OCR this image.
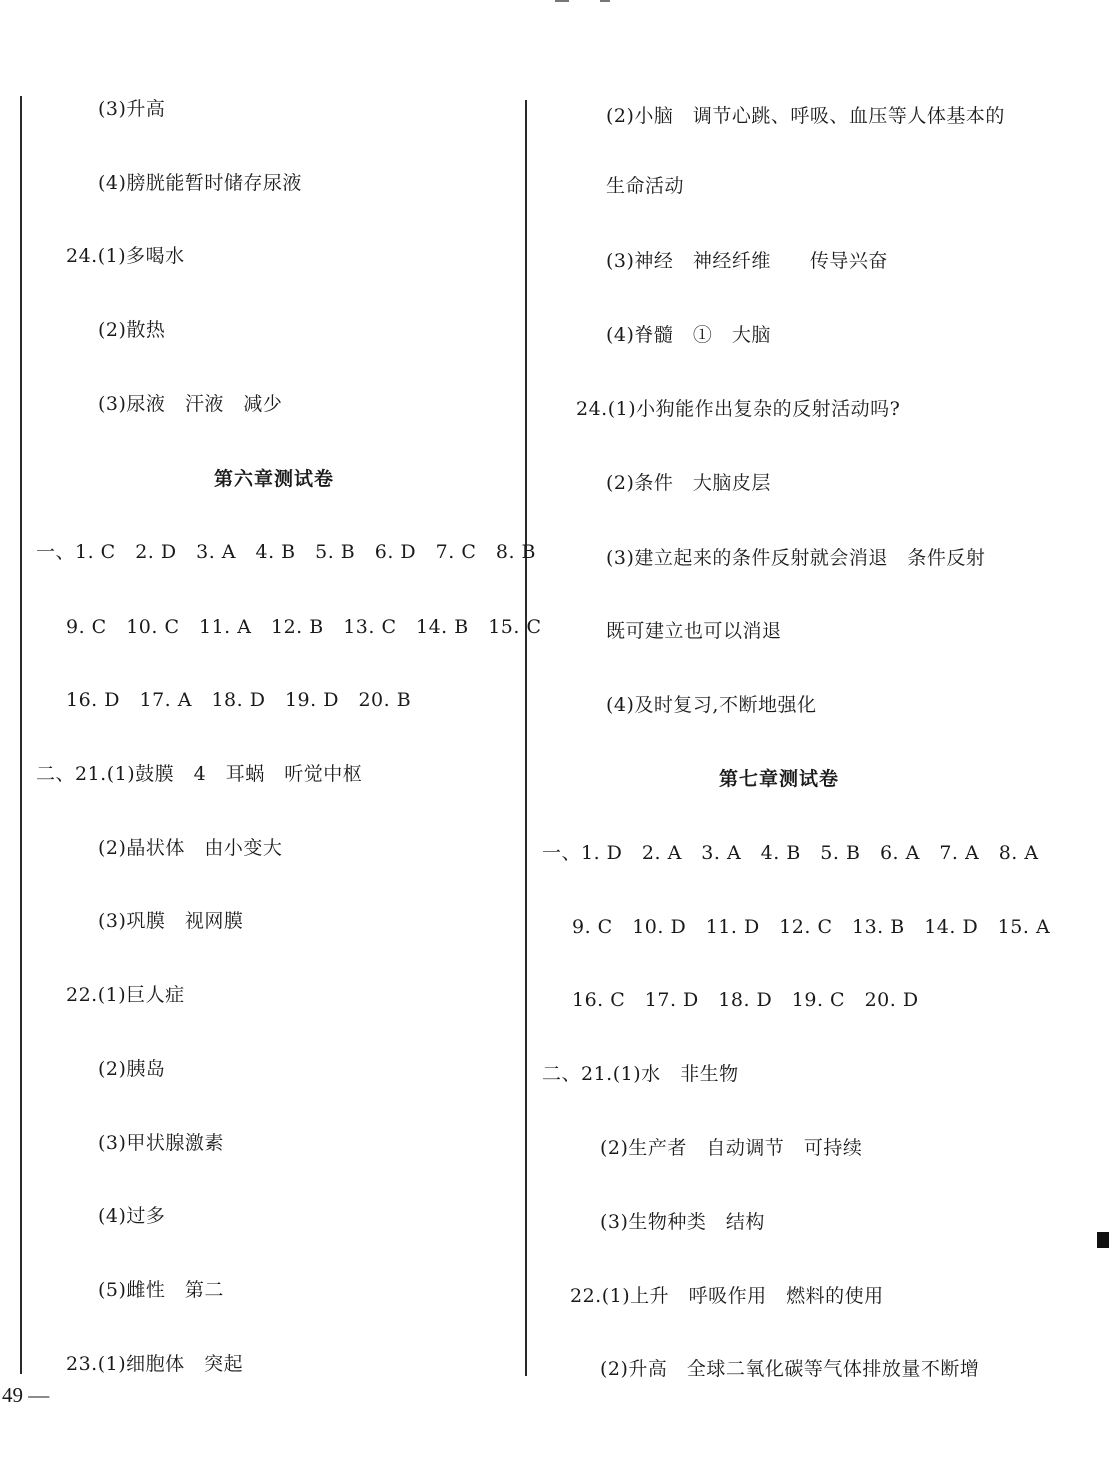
(3)升高
(4)膀胱能暂时储存尿液
24.(1)多喝水
(2)散热
(3)尿液　汗液　减少
第六章测试卷
一、1. C　2. D　3. A　4. B　5. B　6. D　7. C　8. B
9. C　10. C　11. A　12. B　13. C　14. B　15. C
16. D　17. A　18. D　19. D　20. B
二、21.(1)鼓膜　4　耳蜗　听觉中枢
(2)晶状体　由小变大
(3)巩膜　视网膜
22.(1)巨人症
(2)胰岛
(3)甲状腺激素
(4)过多
(5)雌性　第二
23.(1)细胞体　突起
(2)小脑　调节心跳、呼吸、血压等人体基本的
生命活动
(3)神经　神经纤维　　传导兴奋
(4)脊髓　①　大脑
24.(1)小狗能作出复杂的反射活动吗?
(2)条件　大脑皮层
(3)建立起来的条件反射就会消退　条件反射
既可建立也可以消退
(4)及时复习,不断地强化
第七章测试卷
一、1. D　2. A　3. A　4. B　5. B　6. A　7. A　8. A
9. C　10. D　11. D　12. C　13. B　14. D　15. A
16. C　17. D　18. D　19. C　20. D
二、21.(1)水　非生物
(2)生产者　自动调节　可持续
(3)生物种类　结构
22.(1)上升　呼吸作用　燃料的使用
(2)升高　全球二氧化碳等气体排放量不断增
49 —
